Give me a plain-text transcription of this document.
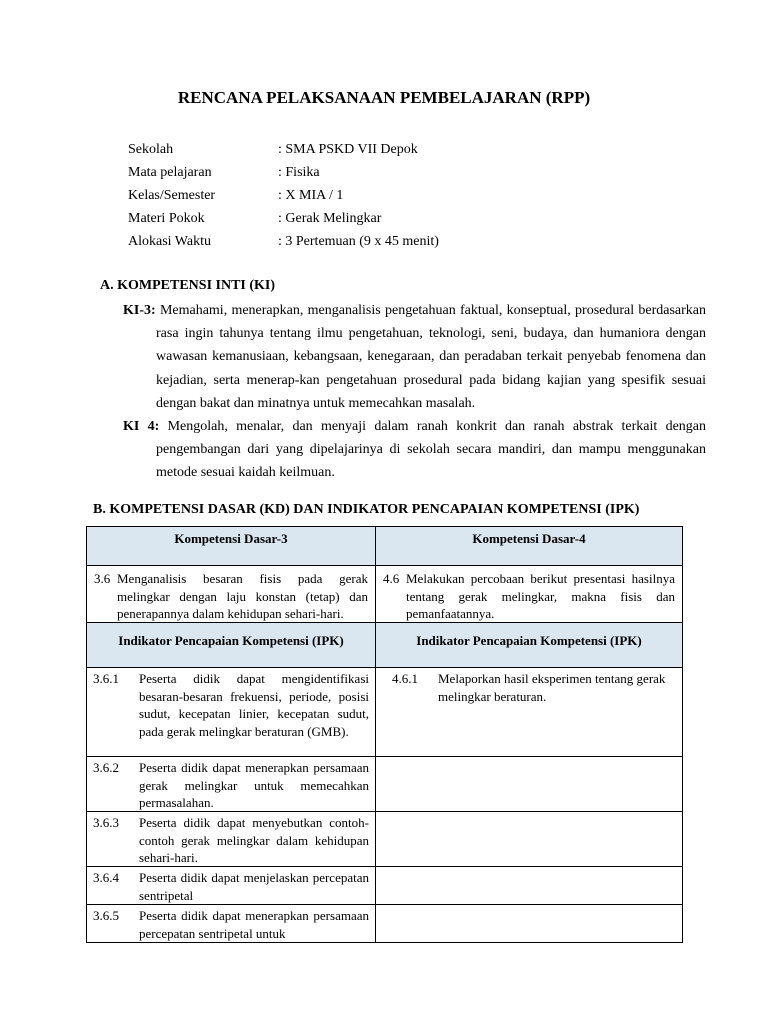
RENCANA PELAKSANAAN PEMBELAJARAN (RPP)
Sekolah	: SMA PSKD VII Depok
Mata pelajaran	: Fisika
Kelas/Semester	: X MIA / 1
Materi Pokok	: Gerak Melingkar
Alokasi Waktu	: 3 Pertemuan (9 x 45 menit)
A. KOMPETENSI INTI (KI)
KI-3: Memahami, menerapkan, menganalisis pengetahuan faktual, konseptual, prosedural berdasarkan rasa ingin tahunya tentang ilmu pengetahuan, teknologi, seni, budaya, dan humaniora dengan wawasan kemanusiaan, kebangsaan, kenegaraan, dan peradaban terkait penyebab fenomena dan kejadian, serta menerap-kan pengetahuan prosedural pada bidang kajian yang spesifik sesuai dengan bakat dan minatnya untuk memecahkan masalah.
KI 4: Mengolah, menalar, dan menyaji dalam ranah konkrit dan ranah abstrak terkait dengan pengembangan dari yang dipelajarinya di sekolah secara mandiri, dan mampu menggunakan metode sesuai kaidah keilmuan.
B. KOMPETENSI DASAR (KD) DAN INDIKATOR PENCAPAIAN KOMPETENSI (IPK)
Kompetensi Dasar-3	Kompetensi Dasar-4

3.6 Menganalisis besaran fisis pada gerak melingkar dengan laju konstan (tetap) dan penerapannya dalam kehidupan sehari-hari.	4.6 Melakukan percobaan berikut presentasi hasilnya tentang gerak melingkar, makna fisis dan pemanfaatannya.

Indikator Pencapaian Kompetensi (IPK)	Indikator Pencapaian Kompetensi (IPK)

3.6.1 Peserta didik dapat mengidentifikasi besaran-besaran frekuensi, periode, posisi sudut, kecepatan linier, kecepatan sudut, pada gerak melingkar beraturan (GMB).	4.6.1 Melaporkan hasil eksperimen tentang gerak melingkar beraturan.

3.6.2 Peserta didik dapat menerapkan persamaan gerak melingkar untuk memecahkan permasalahan.	

3.6.3 Peserta didik dapat menyebutkan contoh-contoh gerak melingkar dalam kehidupan sehari-hari.	

3.6.4 Peserta didik dapat menjelaskan percepatan sentripetal	

3.6.5 Peserta didik dapat menerapkan persamaan percepatan sentripetal untuk	
